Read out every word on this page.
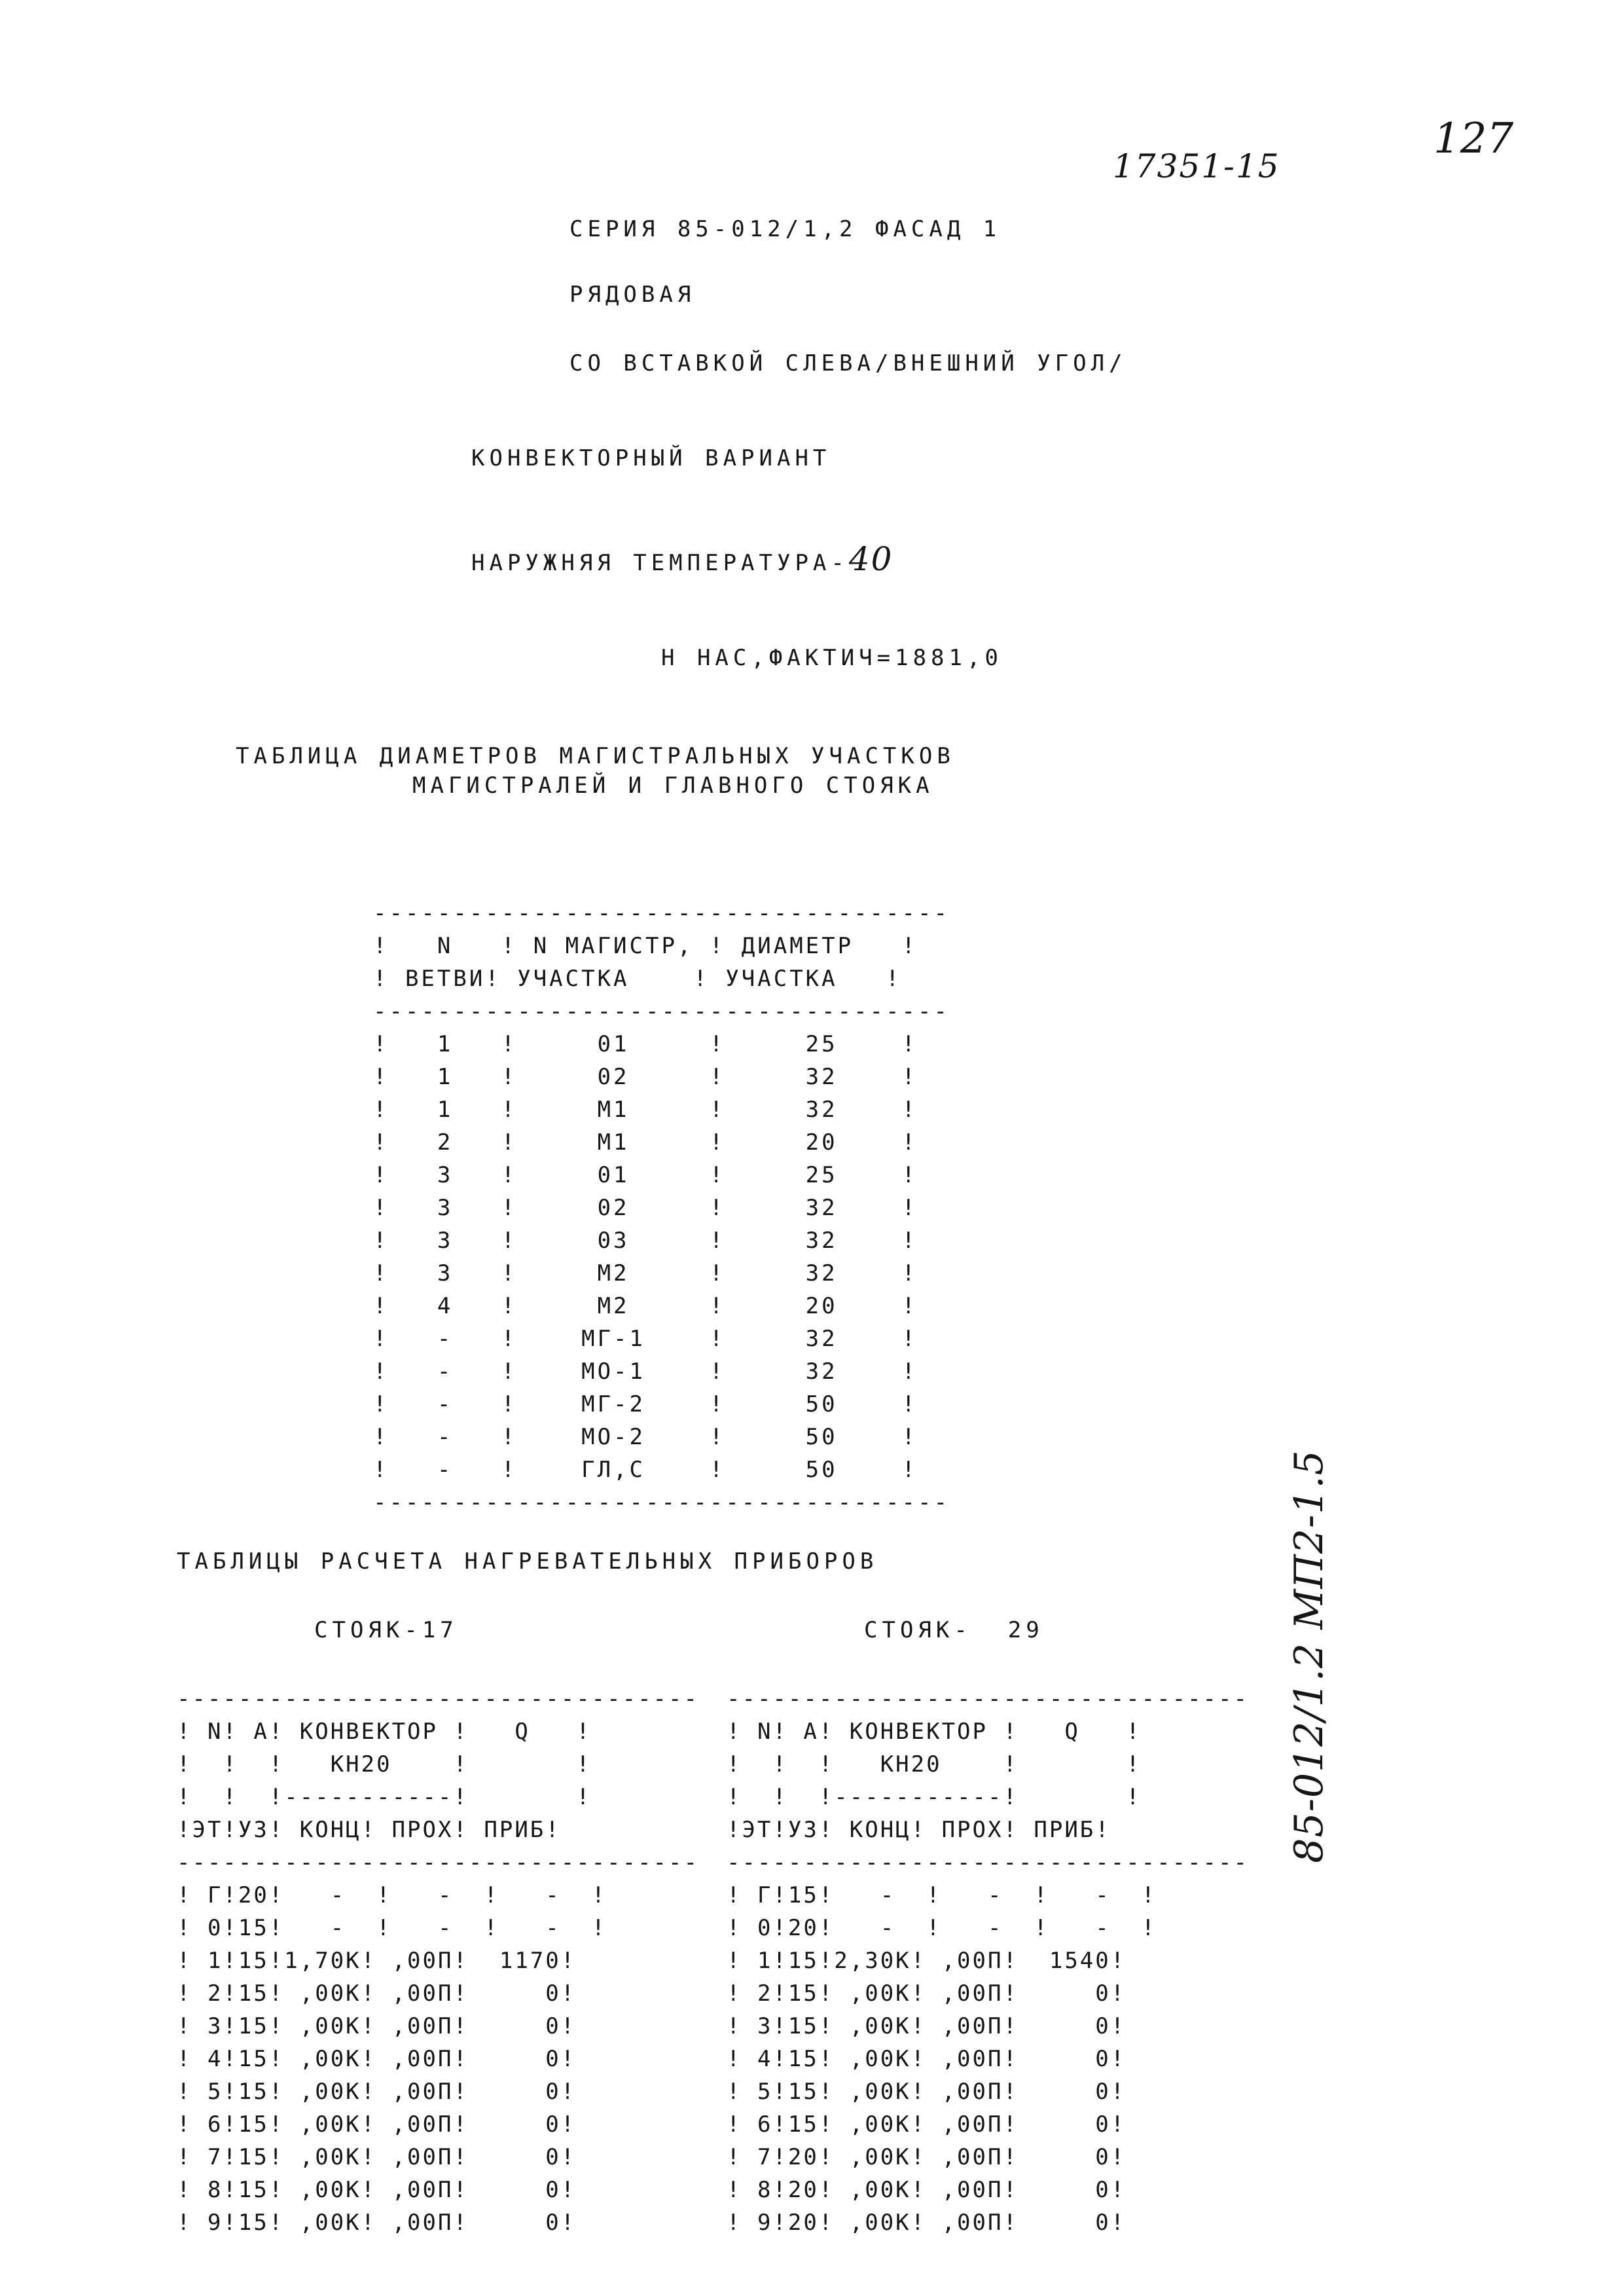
127
17351-15
85-012/1.2 МП2-1.5
СЕРИЯ 85-012/1,2 ФАСАД 1
РЯДОВАЯ
СО ВСТАВКОЙ СЛЕВА/ВНЕШНИЙ УГОЛ/
КОНВЕКТОРНЫЙ ВАРИАНТ
НАРУЖНЯЯ ТЕМПЕРАТУРА-40
Н НАС,ФАКТИЧ=1881,0
ТАБЛИЦА ДИАМЕТРОВ МАГИСТРАЛЬНЫХ УЧАСТКОВ
МАГИСТРАЛЕЙ И ГЛАВНОГО СТОЯКА

------------------------------------
!   N   ! N МАГИСТР, ! ДИАМЕТР   !
! ВЕТВИ! УЧАСТКА    ! УЧАСТКА   !
------------------------------------
!   1   !     01     !     25    !
!   1   !     02     !     32    !
!   1   !     М1     !     32    !
!   2   !     М1     !     20    !
!   3   !     01     !     25    !
!   3   !     02     !     32    !
!   3   !     03     !     32    !
!   3   !     М2     !     32    !
!   4   !     М2     !     20    !
!   -   !    МГ-1    !     32    !
!   -   !    МО-1    !     32    !
!   -   !    МГ-2    !     50    !
!   -   !    МО-2    !     50    !
!   -   !    ГЛ,С    !     50    !
------------------------------------

ТАБЛИЦЫ РАСЧЕТА НАГРЕВАТЕЛЬНЫХ ПРИБОРОВ
СТОЯК-17

----------------------------------
! N! А! КОНВЕКТОР !   Q   !
!  !  !   КН20    !       !
!  !  !-----------!       !
!ЭТ!УЗ! КОНЦ! ПРОХ! ПРИБ!
----------------------------------
! Г!20!   -  !   -  !   -  !
! 0!15!   -  !   -  !   -  !
! 1!15!1,70К! ,00П!  1170!
! 2!15! ,00К! ,00П!     0!
! 3!15! ,00К! ,00П!     0!
! 4!15! ,00К! ,00П!     0!
! 5!15! ,00К! ,00П!     0!
! 6!15! ,00К! ,00П!     0!
! 7!15! ,00К! ,00П!     0!
! 8!15! ,00К! ,00П!     0!
! 9!15! ,00К! ,00П!     0!

СТОЯК-  29

----------------------------------
! N! А! КОНВЕКТОР !   Q   !
!  !  !   КН20    !       !
!  !  !-----------!       !
!ЭТ!УЗ! КОНЦ! ПРОХ! ПРИБ!
----------------------------------
! Г!15!   -  !   -  !   -  !
! 0!20!   -  !   -  !   -  !
! 1!15!2,30К! ,00П!  1540!
! 2!15! ,00К! ,00П!     0!
! 3!15! ,00К! ,00П!     0!
! 4!15! ,00К! ,00П!     0!
! 5!15! ,00К! ,00П!     0!
! 6!15! ,00К! ,00П!     0!
! 7!20! ,00К! ,00П!     0!
! 8!20! ,00К! ,00П!     0!
! 9!20! ,00К! ,00П!     0!
